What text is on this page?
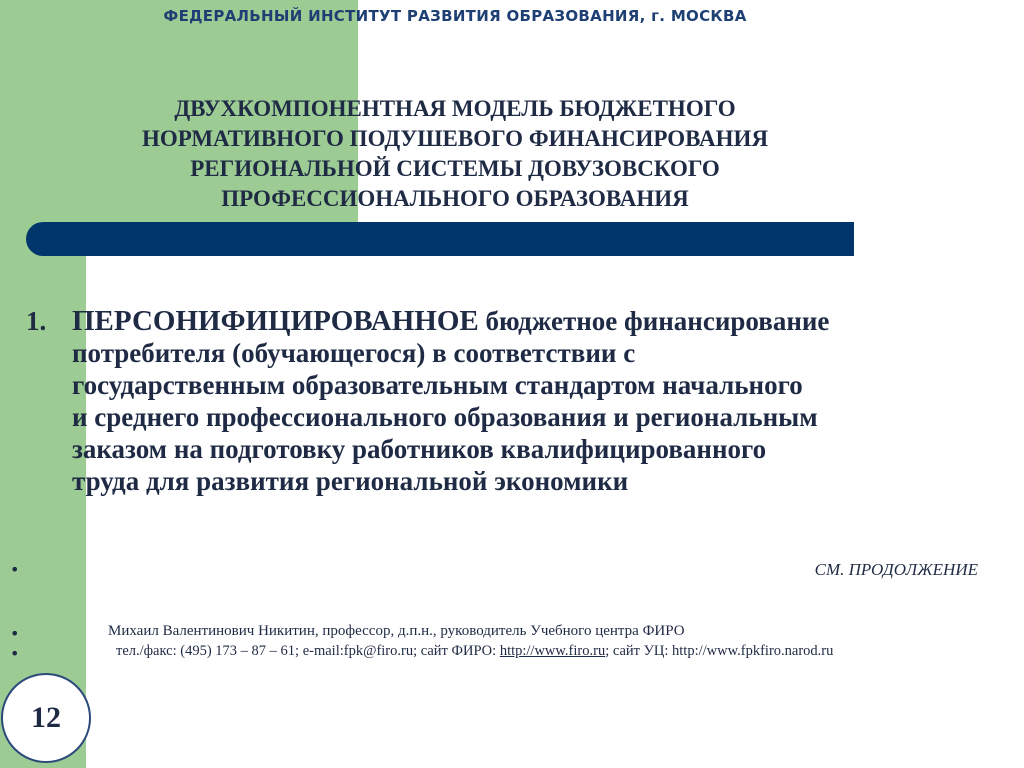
ФЕДЕРАЛЬНЫЙ ИНСТИТУТ РАЗВИТИЯ ОБРАЗОВАНИЯ, г. МОСКВА
ДВУХКОМПОНЕНТНАЯ МОДЕЛЬ БЮДЖЕТНОГО
НОРМАТИВНОГО ПОДУШЕВОГО ФИНАНСИРОВАНИЯ
РЕГИОНАЛЬНОЙ СИСТЕМЫ ДОВУЗОВСКОГО
ПРОФЕССИОНАЛЬНОГО ОБРАЗОВАНИЯ
1. ПЕРСОНИФИЦИРОВАННОЕ бюджетное финансирование
потребителя (обучающегося) в соответствии с
государственным образовательным стандартом начального
и среднего профессионального образования и региональным
заказом на подготовку работников квалифицированного
труда для развития региональной экономики
•
•
•
СМ. ПРОДОЛЖЕНИЕ
Михаил Валентинович Никитин, профессор, д.п.н., руководитель Учебного центра ФИРО
тел./факс: (495) 173 – 87 – 61; e-mail:fpk@firo.ru; сайт ФИРО: http://www.firo.ru; сайт УЦ: http://www.fpkfiro.narod.ru
12
